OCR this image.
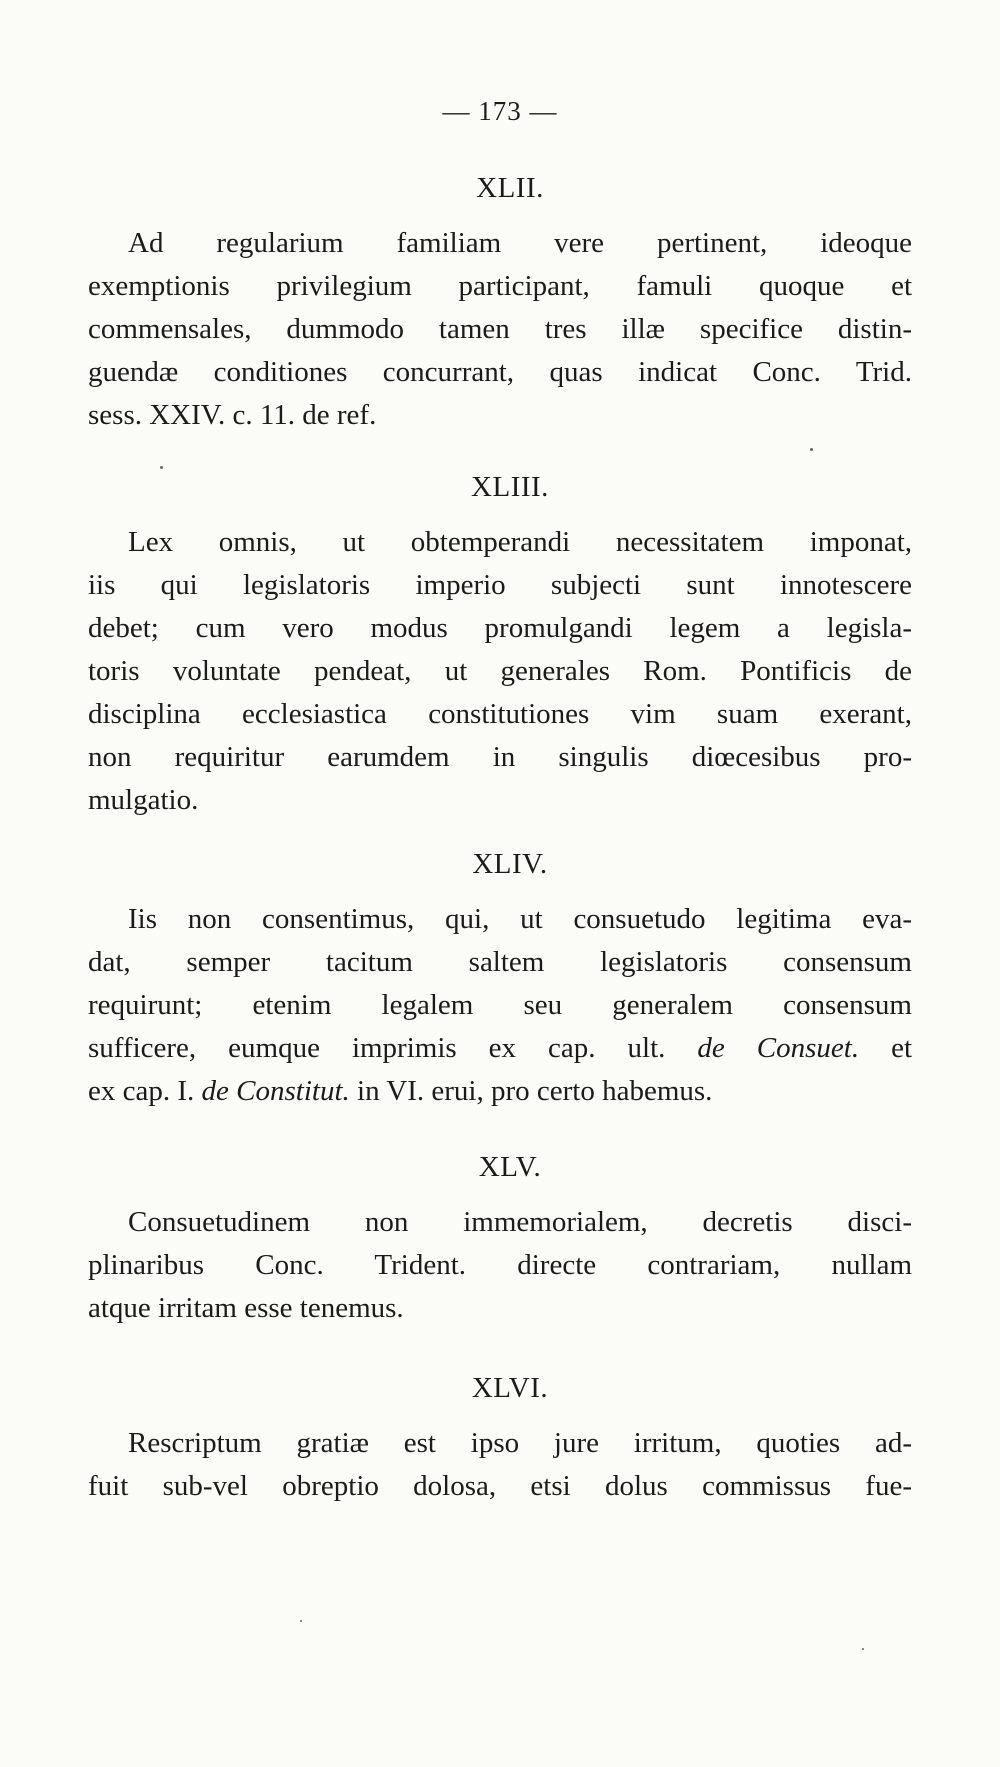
— 173 —
XLII.

Ad regularium familiam vere pertinent, ideoque
exemptionis privilegium participant, famuli quoque et
commensales, dummodo tamen tres illæ specifice distin-
guendæ conditiones concurrant, quas indicat Conc. Trid.
sess. XXIV. c. 11. de ref.

XLIII.

Lex omnis, ut obtemperandi necessitatem imponat,
iis qui legislatoris imperio subjecti sunt innotescere
debet; cum vero modus promulgandi legem a legisla-
toris voluntate pendeat, ut generales Rom. Pontificis de
disciplina ecclesiastica constitutiones vim suam exerant,
non requiritur earumdem in singulis diœcesibus pro-
mulgatio.

XLIV.

Iis non consentimus, qui, ut consuetudo legitima eva-
dat, semper tacitum saltem legislatoris consensum
requirunt; etenim legalem seu generalem consensum
sufficere, eumque imprimis ex cap. ult. de Consuet. et
ex cap. I. de Constitut. in VI. erui, pro certo habemus.

XLV.

Consuetudinem non immemorialem, decretis disci-
plinaribus Conc. Trident. directe contrariam, nullam
atque irritam esse tenemus.

XLVI.

Rescriptum gratiæ est ipso jure irritum, quoties ad-
fuit sub-vel obreptio dolosa, etsi dolus commissus fue-
